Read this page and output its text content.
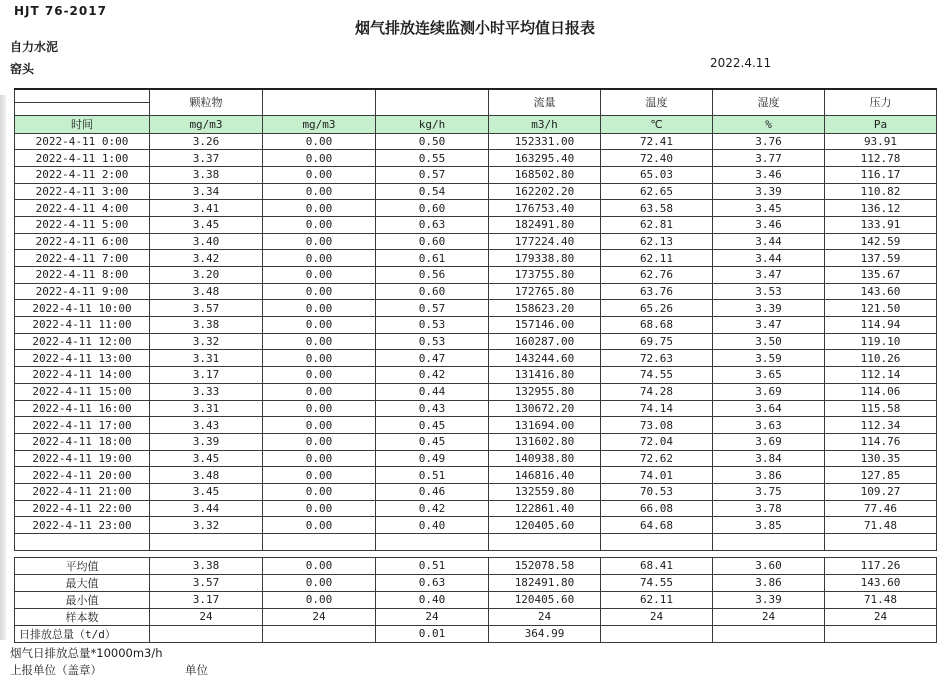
HJT 76-2017
烟气排放连续监测小时平均值日报表
自力水泥
窑头	2022.4.11
	颗粒物			流量	温度	湿度	压力

时间	mg/m3	mg/m3	kg/h	m3/h	℃	%	Pa
2022-4-11 0:00	3.26	0.00	0.50	152331.00	72.41	3.76	93.91
2022-4-11 1:00	3.37	0.00	0.55	163295.40	72.40	3.77	112.78
2022-4-11 2:00	3.38	0.00	0.57	168502.80	65.03	3.46	116.17
2022-4-11 3:00	3.34	0.00	0.54	162202.20	62.65	3.39	110.82
2022-4-11 4:00	3.41	0.00	0.60	176753.40	63.58	3.45	136.12
2022-4-11 5:00	3.45	0.00	0.63	182491.80	62.81	3.46	133.91
2022-4-11 6:00	3.40	0.00	0.60	177224.40	62.13	3.44	142.59
2022-4-11 7:00	3.42	0.00	0.61	179338.80	62.11	3.44	137.59
2022-4-11 8:00	3.20	0.00	0.56	173755.80	62.76	3.47	135.67
2022-4-11 9:00	3.48	0.00	0.60	172765.80	63.76	3.53	143.60
2022-4-11 10:00	3.57	0.00	0.57	158623.20	65.26	3.39	121.50
2022-4-11 11:00	3.38	0.00	0.53	157146.00	68.68	3.47	114.94
2022-4-11 12:00	3.32	0.00	0.53	160287.00	69.75	3.50	119.10
2022-4-11 13:00	3.31	0.00	0.47	143244.60	72.63	3.59	110.26
2022-4-11 14:00	3.17	0.00	0.42	131416.80	74.55	3.65	112.14
2022-4-11 15:00	3.33	0.00	0.44	132955.80	74.28	3.69	114.06
2022-4-11 16:00	3.31	0.00	0.43	130672.20	74.14	3.64	115.58
2022-4-11 17:00	3.43	0.00	0.45	131694.00	73.08	3.63	112.34
2022-4-11 18:00	3.39	0.00	0.45	131602.80	72.04	3.69	114.76
2022-4-11 19:00	3.45	0.00	0.49	140938.80	72.62	3.84	130.35
2022-4-11 20:00	3.48	0.00	0.51	146816.40	74.01	3.86	127.85
2022-4-11 21:00	3.45	0.00	0.46	132559.80	70.53	3.75	109.27
2022-4-11 22:00	3.44	0.00	0.42	122861.40	66.08	3.78	77.46
2022-4-11 23:00	3.32	0.00	0.40	120405.60	64.68	3.85	71.48

平均值	3.38	0.00	0.51	152078.58	68.41	3.60	117.26
最大值	3.57	0.00	0.63	182491.80	74.55	3.86	143.60
最小值	3.17	0.00	0.40	120405.60	62.11	3.39	71.48
样本数	24	24	24	24	24	24	24
日排放总量（t/d）			0.01	364.99			
烟气日排放总量*10000m3/h
上报单位（盖章）	单位
